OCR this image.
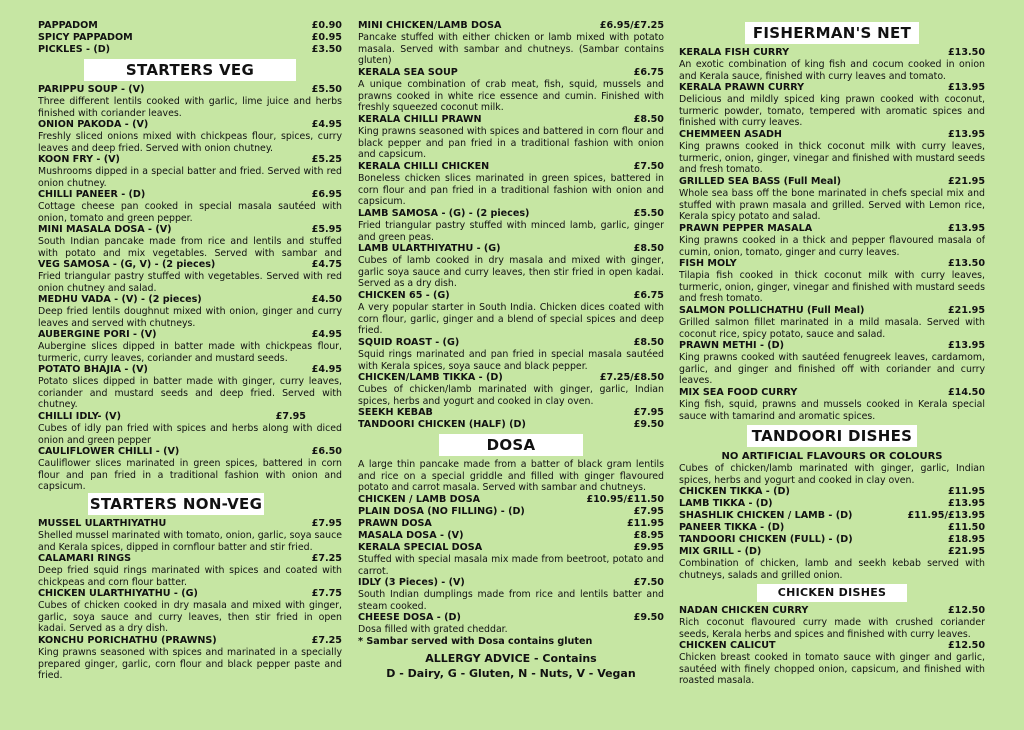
PAPPADOM	£0.90
SPICY PAPPADOM	£0.95
PICKLES - (D)	£3.50
STARTERS VEG
PARIPPU SOUP - (V)	£5.50
Three different lentils cooked with garlic, lime juice and herbs finished with coriander leaves.
ONION PAKODA - (V)	£4.95
Freshly sliced onions mixed with chickpeas flour, spices, curry leaves and deep fried. Served with onion chutney.
KOON FRY - (V)	£5.25
Mushrooms dipped in a special batter and fried. Served with red onion chutney.
CHILLI PANEER - (D)	£6.95
Cottage cheese pan cooked in special masala sautéed with onion, tomato and green pepper.
MINI MASALA DOSA - (V)	£5.95
South Indian pancake made from rice and lentils and stuffed with potato and mix vegetables. Served with sambar and
VEG SAMOSA - (G, V) - (2 pieces)	£4.75
Fried triangular pastry stuffed with vegetables. Served with red onion chutney and salad.
MEDHU VADA - (V) - (2 pieces)	£4.50
Deep fried lentils doughnut mixed with onion, ginger and curry leaves and served with chutneys.
AUBERGINE PORI - (V)	£4.95
Aubergine slices dipped in batter made with chickpeas flour, turmeric, curry leaves, coriander and mustard seeds.
POTATO BHAJIA - (V)	£4.95
Potato slices dipped in batter made with ginger, curry leaves, coriander and mustard seeds and deep fried. Served with chutney.
CHILLI IDLY- (V)	£7.95
Cubes of idly pan fried with spices and herbs along with diced onion and green pepper
CAULIFLOWER CHILLI - (V)	£6.50
Cauliflower slices marinated in green spices, battered in corn flour and pan fried in a traditional fashion with onion and capsicum.
STARTERS NON-VEG
MUSSEL ULARTHIYATHU	£7.95
Shelled mussel marinated with tomato, onion, garlic, soya sauce and Kerala spices, dipped in cornflour batter and stir fried.
CALAMARI RINGS	£7.25
Deep fried squid rings marinated with spices and coated with chickpeas and corn flour batter.
CHICKEN ULARTHIYATHU - (G)	£7.75
Cubes of chicken cooked in dry masala and mixed with ginger, garlic, soya sauce and curry leaves, then stir fried in open kadai. Served as a dry dish.
KONCHU PORICHATHU (PRAWNS)	£7.25
King prawns seasoned with spices and marinated in a specially prepared ginger, garlic, corn flour and black pepper paste and fried.
MINI CHICKEN/LAMB DOSA	£6.95/£7.25
Pancake stuffed with either chicken or lamb mixed with potato masala. Served with sambar and chutneys. (Sambar contains gluten)
KERALA SEA SOUP	£6.75
A unique combination of crab meat, fish, squid, mussels and prawns cooked in white rice essence and cumin. Finished with freshly squeezed coconut milk.
KERALA CHILLI PRAWN	£8.50
King prawns seasoned with spices and battered in corn flour and black pepper and pan fried in a traditional fashion with onion and capsicum.
KERALA CHILLI CHICKEN	£7.50
Boneless chicken slices marinated in green spices, battered in corn flour and pan fried in a traditional fashion with onion and capsicum.
LAMB SAMOSA - (G) - (2 pieces)	£5.50
Fried triangular pastry stuffed with minced lamb, garlic, ginger and green peas.
LAMB ULARTHIYATHU - (G)	£8.50
Cubes of lamb cooked in dry masala and mixed with ginger, garlic soya sauce and curry leaves, then stir fried in open kadai. Served as a dry dish.
CHICKEN 65 - (G)	£6.75
A very popular starter in South India. Chicken dices coated with corn flour, garlic, ginger and a blend of special spices and deep fried.
SQUID ROAST - (G)	£8.50
Squid rings marinated and pan fried in special masala sautéed with Kerala spices, soya sauce and black pepper.
CHICKEN/LAMB TIKKA - (D)	£7.25/£8.50
Cubes of chicken/lamb marinated with ginger, garlic, Indian spices, herbs and yogurt and cooked in clay oven.
SEEKH KEBAB	£7.95
TANDOORI CHICKEN (HALF) (D)	£9.50
DOSA
A large thin pancake made from a batter of black gram lentils and rice on a special griddle and filled with ginger flavoured potato and carrot masala. Served with sambar and chutneys.
CHICKEN / LAMB DOSA	£10.95/£11.50
PLAIN DOSA (NO FILLING) - (D)	£7.95
PRAWN DOSA	£11.95
MASALA DOSA - (V)	£8.95
KERALA SPECIAL DOSA	£9.95
Stuffed with special masala mix made from beetroot, potato and carrot.
IDLY (3 Pieces) - (V)	£7.50
South Indian dumplings made from rice and lentils batter and steam cooked.
CHEESE DOSA - (D)	£9.50
Dosa filled with grated cheddar.
* Sambar served with Dosa contains gluten
ALLERGY ADVICE - Contains
D - Dairy, G - Gluten, N - Nuts, V - Vegan
FISHERMAN'S NET
KERALA FISH CURRY	£13.50
An exotic combination of king fish and cocum cooked in onion and Kerala sauce, finished with curry leaves and tomato.
KERALA PRAWN CURRY	£13.95
Delicious and mildly spiced king prawn cooked with coconut, turmeric powder, tomato, tempered with aromatic spices and finished with curry leaves.
CHEMMEEN ASADH	£13.95
King prawns cooked in thick coconut milk with curry leaves, turmeric, onion, ginger, vinegar and finished with mustard seeds and fresh tomato.
GRILLED SEA BASS (Full Meal)	£21.95
Whole sea bass off the bone marinated in chefs special mix and stuffed with prawn masala and grilled. Served with Lemon rice, Kerala spicy potato and salad.
PRAWN PEPPER MASALA	£13.95
King prawns cooked in a thick and pepper flavoured masala of cumin, onion, tomato, ginger and curry leaves.
FISH MOLY	£13.50
Tilapia fish cooked in thick coconut milk with curry leaves, turmeric, onion, ginger, vinegar and finished with mustard seeds and fresh tomato.
SALMON POLLICHATHU (Full Meal)	£21.95
Grilled salmon fillet marinated in a mild masala. Served with coconut rice, spicy potato, sauce and salad.
PRAWN METHI - (D)	£13.95
King prawns cooked with sautéed fenugreek leaves, cardamom, garlic, and ginger and finished off with coriander and curry leaves.
MIX SEA FOOD CURRY	£14.50
King fish, squid, prawns and mussels cooked in Kerala special sauce with tamarind and aromatic spices.
TANDOORI DISHES
NO ARTIFICIAL FLAVOURS OR COLOURS
Cubes of chicken/lamb marinated with ginger, garlic, Indian spices, herbs and yogurt and cooked in clay oven.
CHICKEN TIKKA - (D)	£11.95
LAMB TIKKA - (D)	£13.95
SHASHLIK CHICKEN / LAMB - (D)	£11.95/£13.95
PANEER TIKKA - (D)	£11.50
TANDOORI CHICKEN (FULL) - (D)	£18.95
MIX GRILL - (D)	£21.95
Combination of chicken, lamb and seekh kebab served with chutneys, salads and grilled onion.
CHICKEN DISHES
NADAN CHICKEN CURRY	£12.50
Rich coconut flavoured curry made with crushed coriander seeds, Kerala herbs and spices and finished with curry leaves.
CHICKEN CALICUT	£12.50
Chicken breast cooked in tomato sauce with ginger and garlic, sautéed with finely chopped onion, capsicum, and finished with roasted masala.
